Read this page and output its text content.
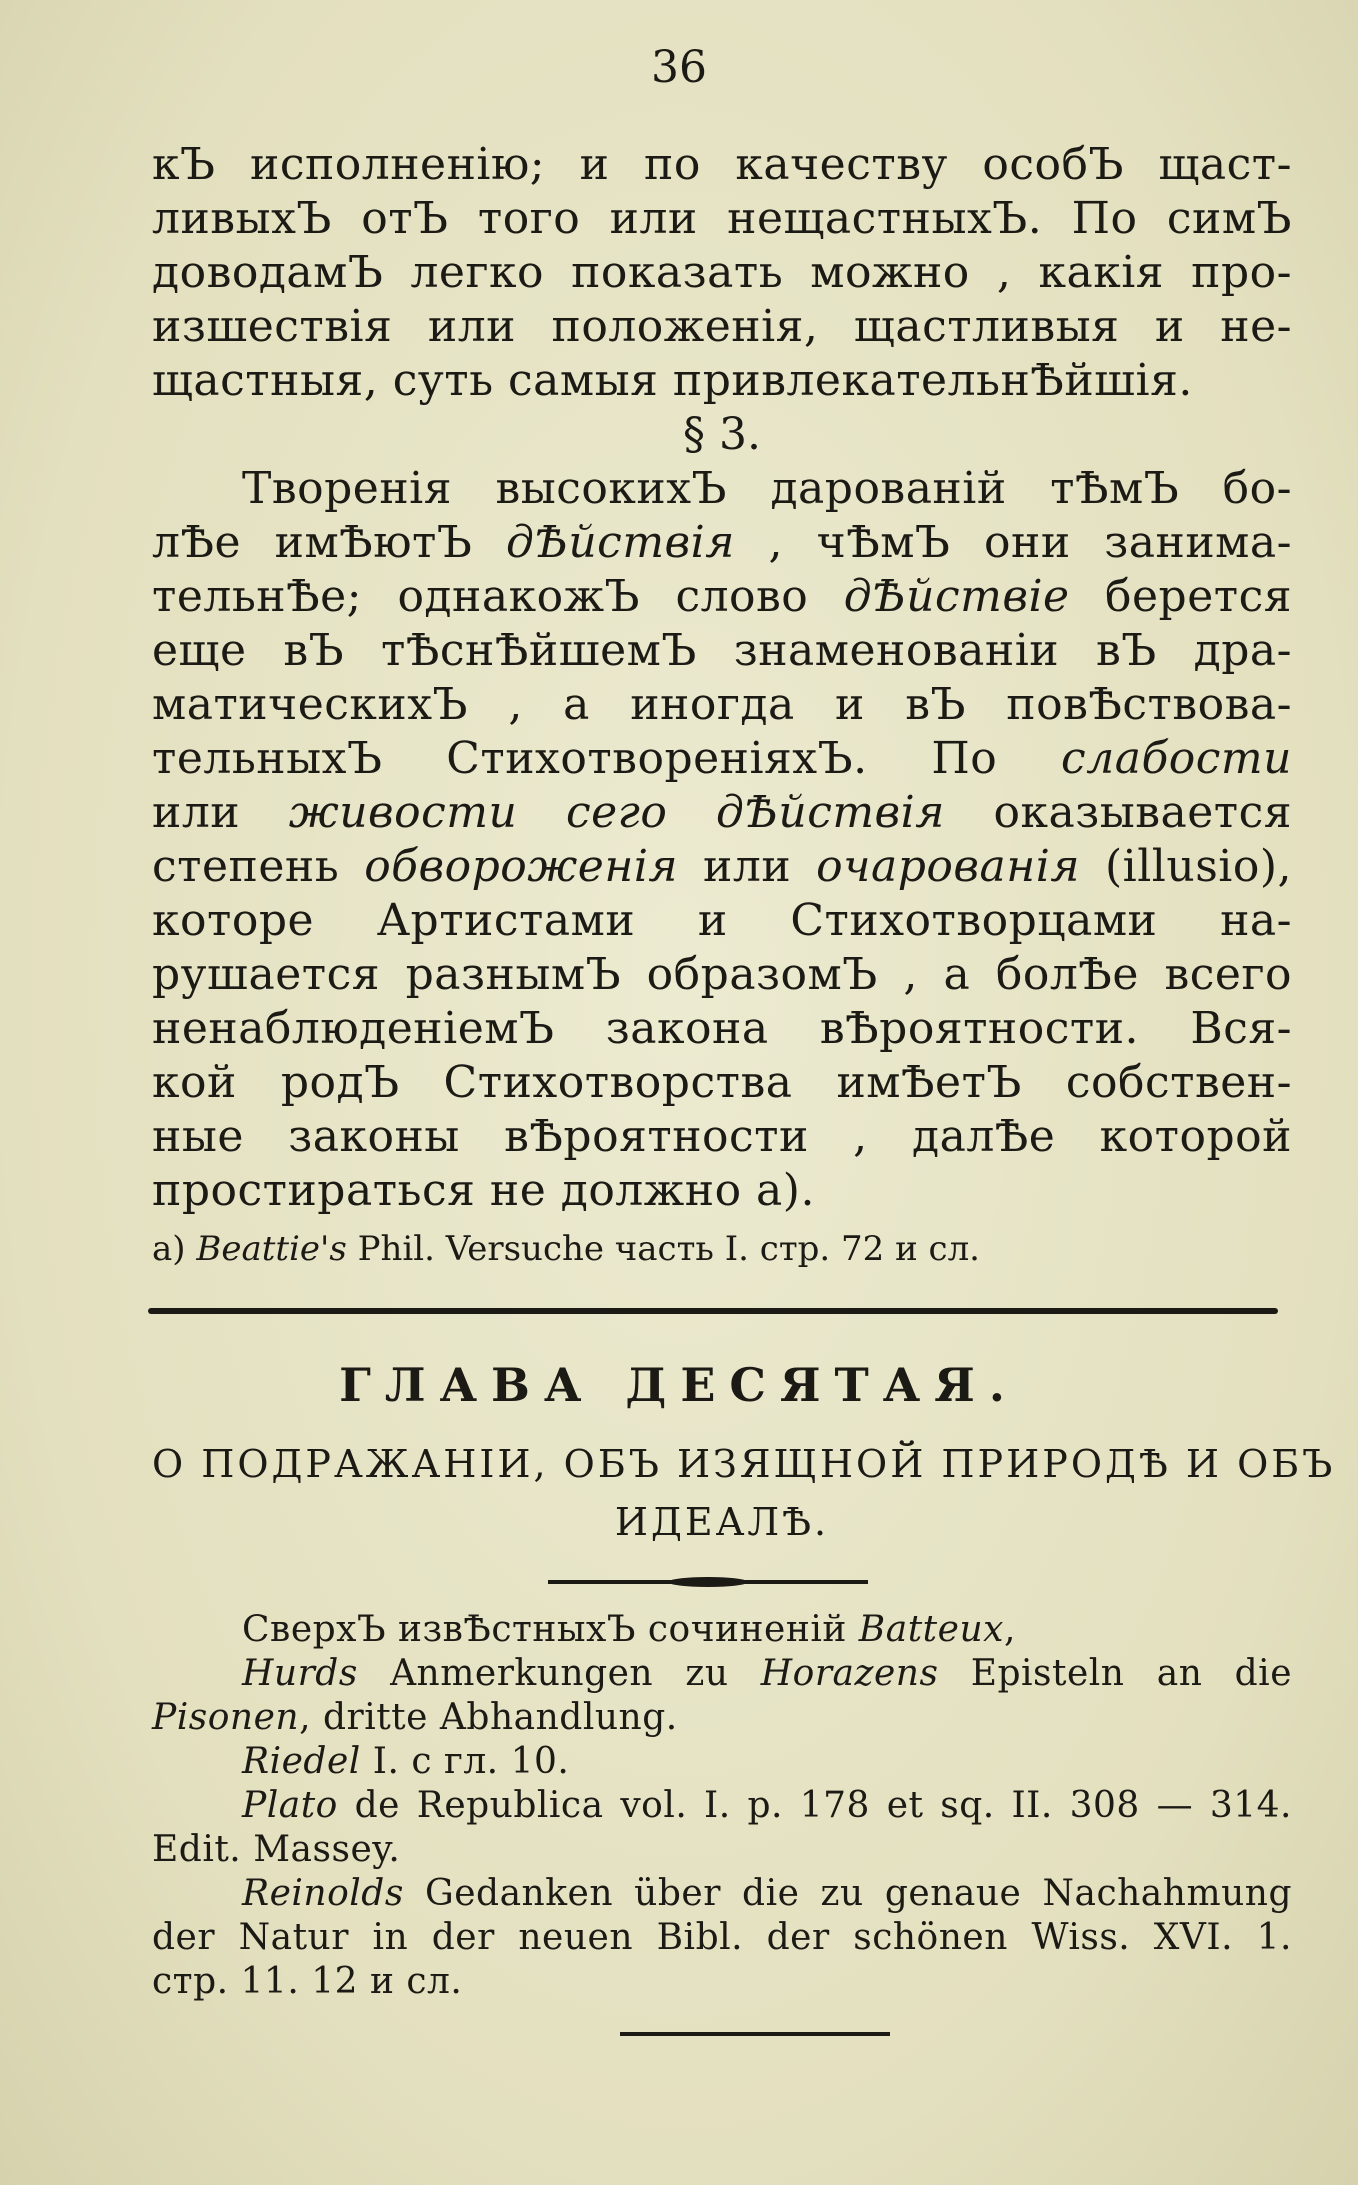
36
кЪ исполненію; и по качеству особЪ щаст-
ливыхЪ отЪ того или нещастныхЪ. По симЪ
доводамЪ легко показать можно , какія про-
изшествія или положенія, щастливыя и не-
щастныя, суть самыя привлекательнѢйшія.
§ 3.
Творенія высокихЪ дарованій тѢмЪ бо-
лѢе имѢютЪ дѢйствія , чѢмЪ они занима-
тельнѢе; однакожЪ слово дѢйствіе берется
еще вЪ тѢснѢйшемЪ знаменованіи вЪ дра-
матическихЪ , а иногда и вЪ повѢствова-
тельныхЪ СтихотвореніяхЪ. По слабости
или живости сего дѢйствія оказывается
степень обвороженія или очарованія (illusio),
которе Артистами и Стихотворцами на-
рушается разнымЪ образомЪ , а болѢе всего
ненаблюденіемЪ закона вѢроятности. Вся-
кой родЪ Стихотворства имѢетЪ собствен-
ные законы вѢроятности , далѢе которой
простираться не должно а).
a) Beattie's Phil. Versuche часть I. стр. 72 и сл.
ГЛАВА ДЕСЯТАЯ.
О ПОДРАЖАНІИ, ОБЪ ИЗЯЩНОЙ ПРИРОДѢ И ОБЪ
ИДЕАЛѢ.
СверхЪ извѢстныхЪ сочиненій Batteux,
Hurds Anmerkungen zu Horazens Episteln an die
Pisonen, dritte Abhandlung.
Riedel I. c гл. 10.
Plato de Republica vol. I. p. 178 et sq. II. 308 — 314.
Edit. Massey.
Reinolds Gedanken über die zu genaue Nachahmung
der Natur in der neuen Bibl. der schönen Wiss. XVI. 1.
стр. 11. 12 и сл.
